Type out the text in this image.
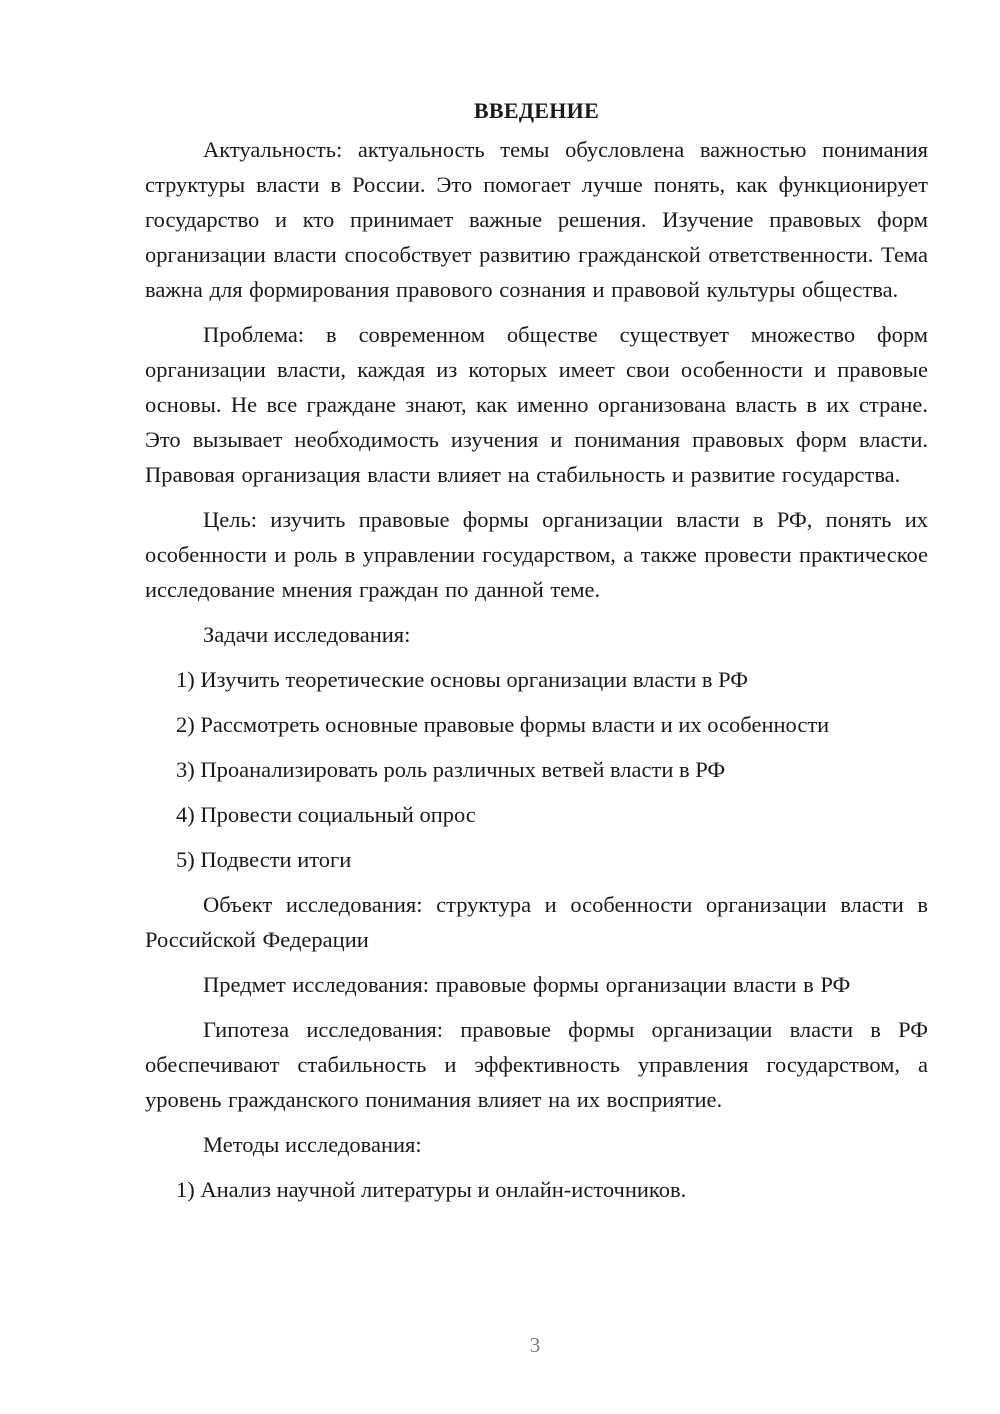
ВВЕДЕНИЕ

Актуальность: актуальность темы обусловлена важностью понимания структуры власти в России. Это помогает лучше понять, как функционирует государство и кто принимает важные решения. Изучение правовых форм организации власти способствует развитию гражданской ответственности. Тема важна для формирования правового сознания и правовой культуры общества.

Проблема: в современном обществе существует множество форм организации власти, каждая из которых имеет свои особенности и правовые основы. Не все граждане знают, как именно организована власть в их стране. Это вызывает необходимость изучения и понимания правовых форм власти. Правовая организация власти влияет на стабильность и развитие государства.

Цель: изучить правовые формы организации власти в РФ, понять их особенности и роль в управлении государством, а также провести практическое исследование мнения граждан по данной теме.

Задачи исследования:

1) Изучить теоретические основы организации власти в РФ

2) Рассмотреть основные правовые формы власти и их особенности

3) Проанализировать роль различных ветвей власти в РФ

4) Провести социальный опрос

5) Подвести итоги

Объект исследования: структура и особенности организации власти в Российской Федерации

Предмет исследования: правовые формы организации власти в РФ

Гипотеза исследования: правовые формы организации власти в РФ обеспечивают стабильность и эффективность управления государством, а уровень гражданского понимания влияет на их восприятие.

Методы исследования:

1) Анализ научной литературы и онлайн-источников.

3
